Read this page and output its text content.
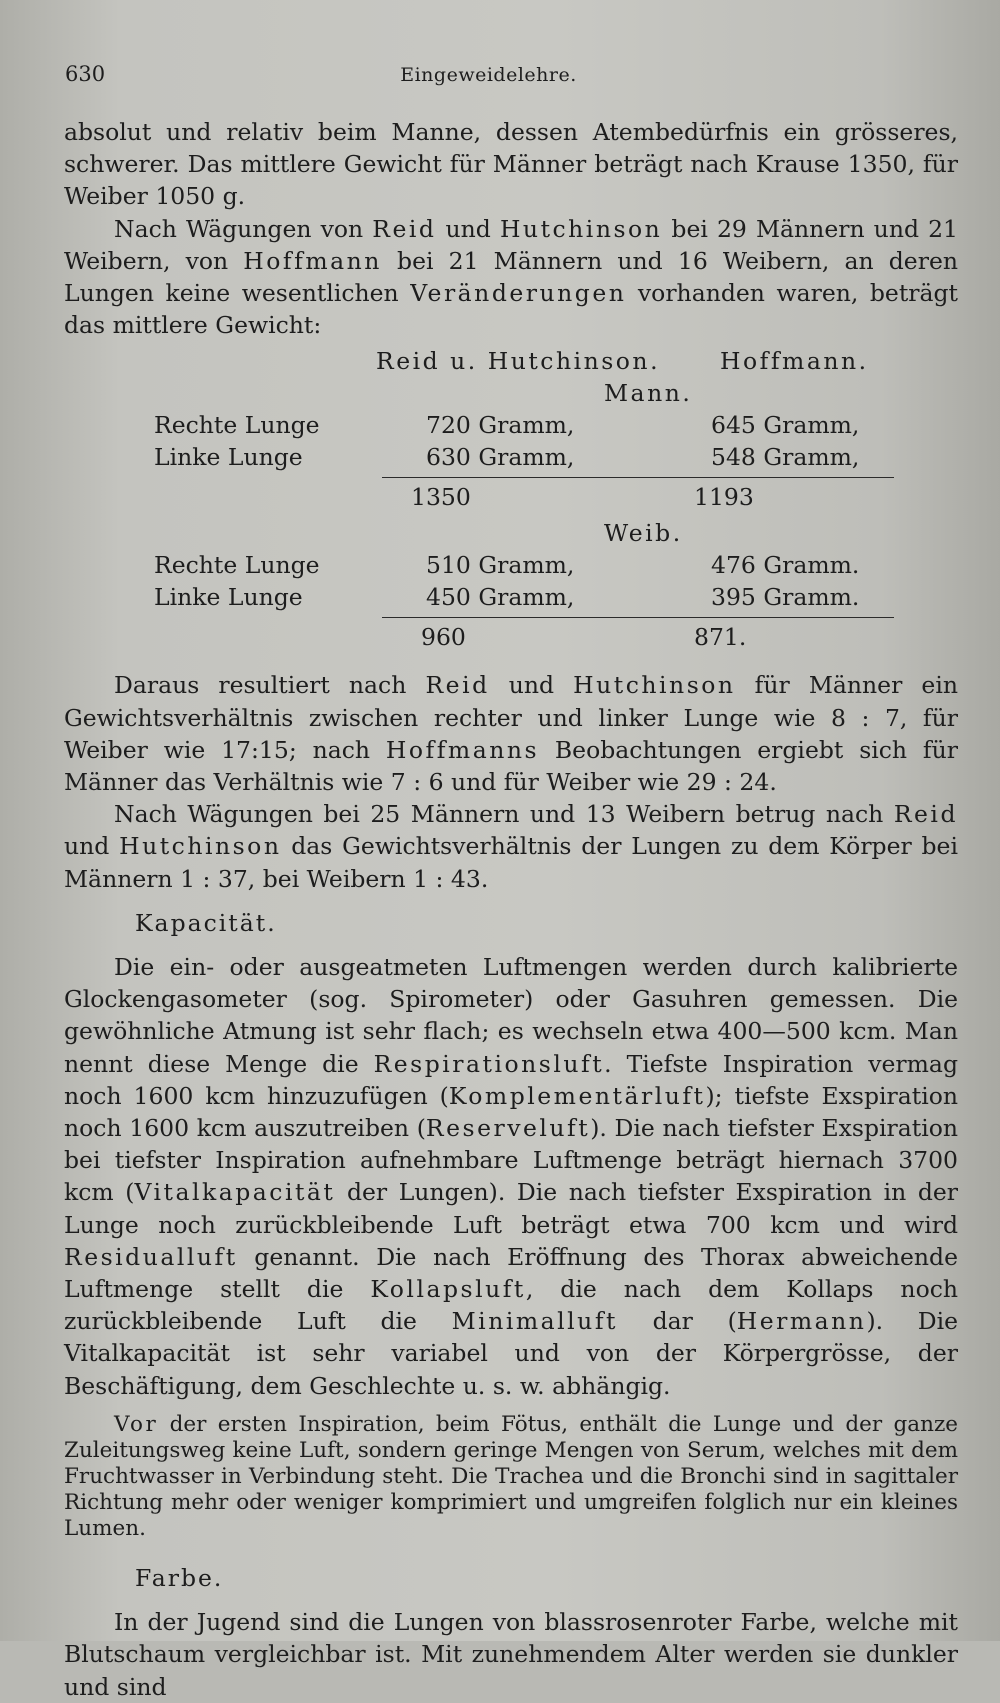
630	Eingeweidelehre.

absolut und relativ beim Manne, dessen Atembedürfnis ein grösseres, schwerer. Das mittlere Gewicht für Männer beträgt nach Krause 1350, für Weiber 1050 g.

Nach Wägungen von Reid und Hutchinson bei 29 Männern und 21 Weibern, von Hoffmann bei 21 Männern und 16 Weibern, an deren Lungen keine wesentlichen Veränderungen vorhanden waren, beträgt das mittlere Gewicht:

Reid u. Hutchinson.	Hoffmann.
Mann.
Rechte Lunge	720 Gramm,	645 Gramm,
Linke Lunge	630 Gramm,	548 Gramm,
1350	1193
Weib.
Rechte Lunge	510 Gramm,	476 Gramm.
Linke Lunge	450 Gramm,	395 Gramm.
960	871.

Daraus resultiert nach Reid und Hutchinson für Männer ein Gewichtsverhältnis zwischen rechter und linker Lunge wie 8 : 7, für Weiber wie 17:15; nach Hoffmanns Beobachtungen ergiebt sich für Männer das Verhältnis wie 7 : 6 und für Weiber wie 29 : 24.

Nach Wägungen bei 25 Männern und 13 Weibern betrug nach Reid und Hutchinson das Gewichtsverhältnis der Lungen zu dem Körper bei Männern 1 : 37, bei Weibern 1 : 43.

Kapacität.

Die ein- oder ausgeatmeten Luftmengen werden durch kalibrierte Glockengasometer (sog. Spirometer) oder Gasuhren gemessen. Die gewöhnliche Atmung ist sehr flach; es wechseln etwa 400—500 kcm. Man nennt diese Menge die Respirationsluft. Tiefste Inspiration vermag noch 1600 kcm hinzuzufügen (Komplementärluft); tiefste Exspiration noch 1600 kcm auszutreiben (Reserveluft). Die nach tiefster Exspiration bei tiefster Inspiration aufnehmbare Luftmenge beträgt hiernach 3700 kcm (Vitalkapacität der Lungen). Die nach tiefster Exspiration in der Lunge noch zurückbleibende Luft beträgt etwa 700 kcm und wird Residualluft genannt. Die nach Eröffnung des Thorax abweichende Luftmenge stellt die Kollapsluft, die nach dem Kollaps noch zurückbleibende Luft die Minimalluft dar (Hermann). Die Vitalkapacität ist sehr variabel und von der Körpergrösse, der Beschäftigung, dem Geschlechte u. s. w. abhängig.

Vor der ersten Inspiration, beim Fötus, enthält die Lunge und der ganze Zuleitungsweg keine Luft, sondern geringe Mengen von Serum, welches mit dem Fruchtwasser in Verbindung steht. Die Trachea und die Bronchi sind in sagittaler Richtung mehr oder weniger komprimiert und umgreifen folglich nur ein kleines Lumen.

Farbe.

In der Jugend sind die Lungen von blassrosenroter Farbe, welche mit Blutschaum vergleichbar ist. Mit zunehmendem Alter werden sie dunkler und sind
